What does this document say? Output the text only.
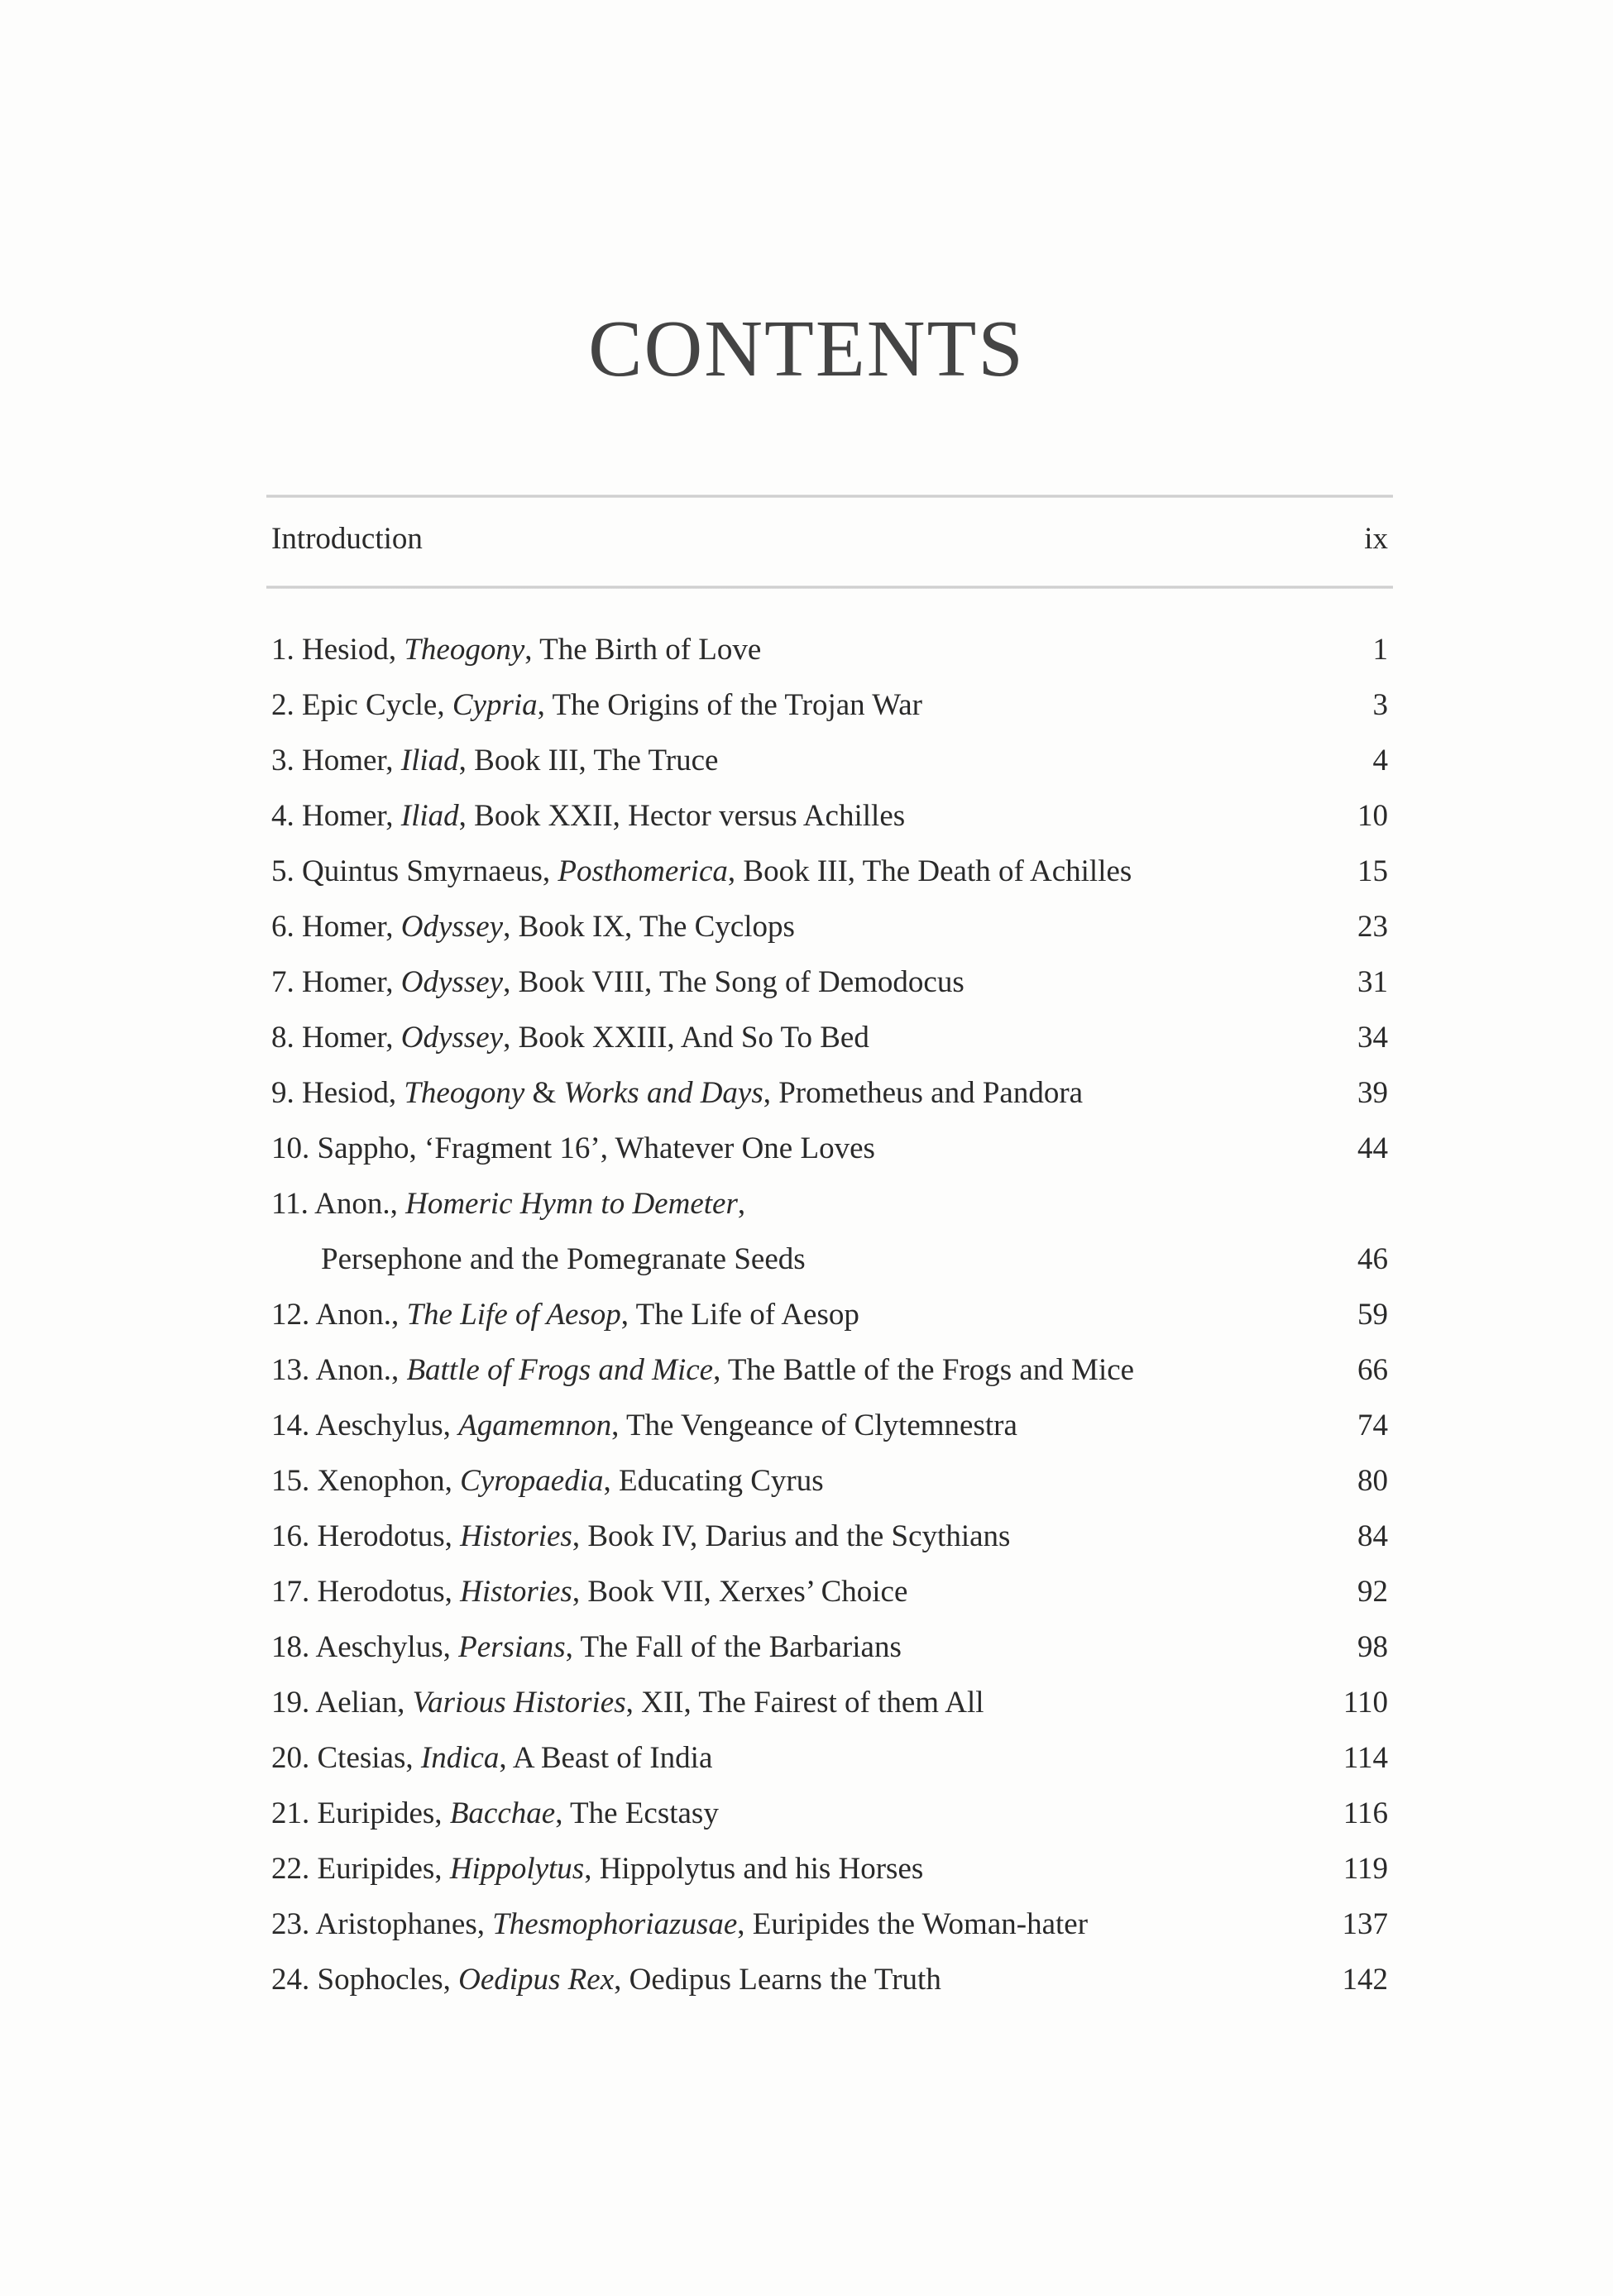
CONTENTS
Introduction	ix
1. Hesiod, Theogony, The Birth of Love	1
2. Epic Cycle, Cypria, The Origins of the Trojan War	3
3. Homer, Iliad, Book III, The Truce	4
4. Homer, Iliad, Book XXII, Hector versus Achilles	10
5. Quintus Smyrnaeus, Posthomerica, Book III, The Death of Achilles	15
6. Homer, Odyssey, Book IX, The Cyclops	23
7. Homer, Odyssey, Book VIII, The Song of Demodocus	31
8. Homer, Odyssey, Book XXIII, And So To Bed	34
9. Hesiod, Theogony & Works and Days, Prometheus and Pandora	39
10. Sappho, ‘Fragment 16’, Whatever One Loves	44
11. Anon., Homeric Hymn to Demeter,
Persephone and the Pomegranate Seeds	46
12. Anon., The Life of Aesop, The Life of Aesop	59
13. Anon., Battle of Frogs and Mice, The Battle of the Frogs and Mice	66
14. Aeschylus, Agamemnon, The Vengeance of Clytemnestra	74
15. Xenophon, Cyropaedia, Educating Cyrus	80
16. Herodotus, Histories, Book IV, Darius and the Scythians	84
17. Herodotus, Histories, Book VII, Xerxes’ Choice	92
18. Aeschylus, Persians, The Fall of the Barbarians	98
19. Aelian, Various Histories, XII, The Fairest of them All	110
20. Ctesias, Indica, A Beast of India	114
21. Euripides, Bacchae, The Ecstasy	116
22. Euripides, Hippolytus, Hippolytus and his Horses	119
23. Aristophanes, Thesmophoriazusae, Euripides the Woman-hater	137
24. Sophocles, Oedipus Rex, Oedipus Learns the Truth	142
